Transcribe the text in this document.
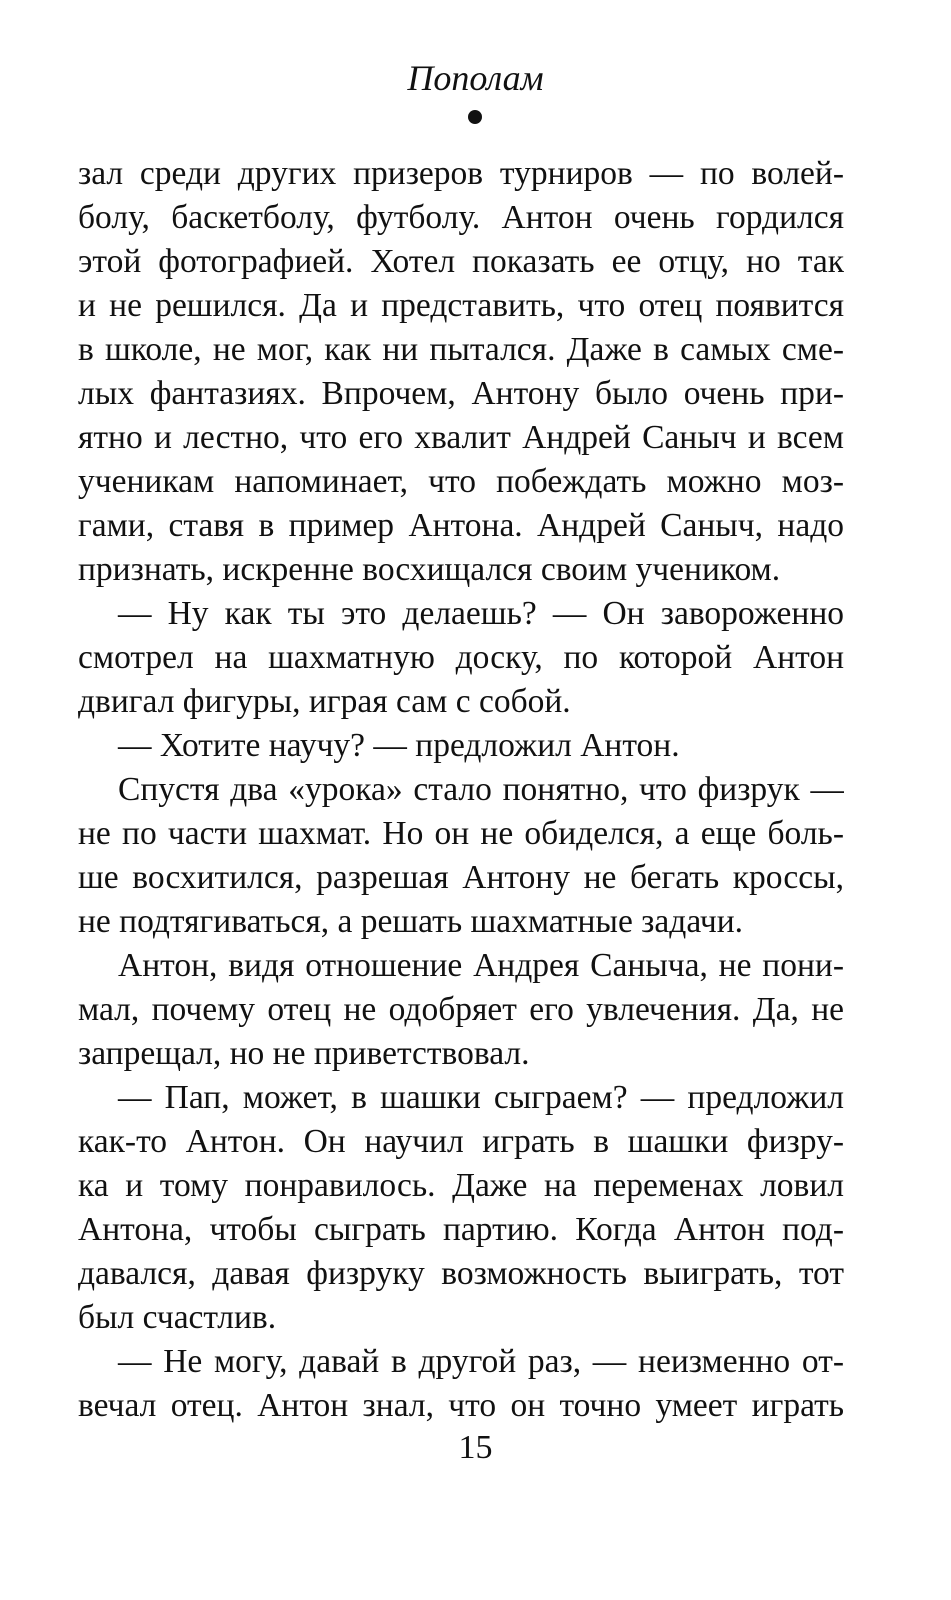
Пополам
зал среди других призеров турниров — по волей-
болу, баскетболу, футболу. Антон очень гордился
этой фотографией. Хотел показать ее отцу, но так
и не решился. Да и представить, что отец появится
в школе, не мог, как ни пытался. Даже в самых сме-
лых фантазиях. Впрочем, Антону было очень при-
ятно и лестно, что его хвалит Андрей Саныч и всем
ученикам напоминает, что побеждать можно моз-
гами, ставя в пример Антона. Андрей Саныч, надо
признать, искренне восхищался своим учеником.
— Ну как ты это делаешь? — Он завороженно
смотрел на шахматную доску, по которой Антон
двигал фигуры, играя сам с собой.
— Хотите научу? — предложил Антон.
Спустя два «урока» стало понятно, что физрук —
не по части шахмат. Но он не обиделся, а еще боль-
ше восхитился, разрешая Антону не бегать кроссы,
не подтягиваться, а решать шахматные задачи.
Антон, видя отношение Андрея Саныча, не пони-
мал, почему отец не одобряет его увлечения. Да, не
запрещал, но не приветствовал.
— Пап, может, в шашки сыграем? — предложил
как-то Антон. Он научил играть в шашки физру-
ка и тому понравилось. Даже на переменах ловил
Антона, чтобы сыграть партию. Когда Антон под-
давался, давая физруку возможность выиграть, тот
был счастлив.
— Не могу, давай в другой раз, — неизменно от-
вечал отец. Антон знал, что он точно умеет играть
15
